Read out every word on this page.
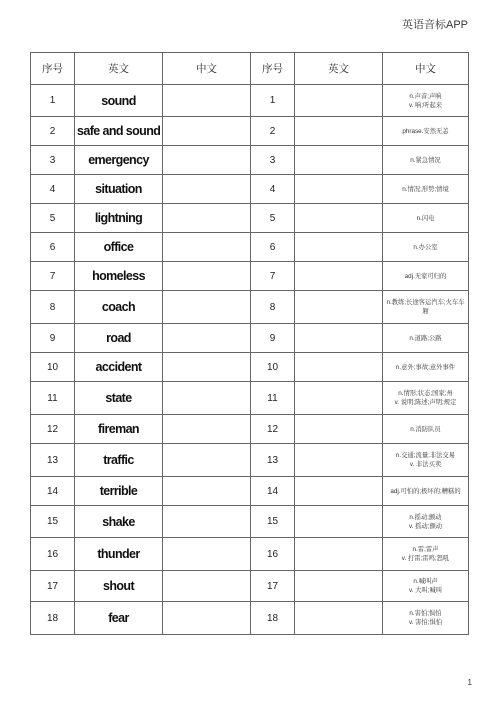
英语音标APP
序号	英文	中文	序号	英文	中文
1	sound		1		n.声音;声响
v. 响;听起来

2	safe and sound		2		phrase.安然无恙

3	emergency		3		n.紧急情况

4	situation		4		n.情况;形势;情境

5	lightning		5		n.闪电

6	office		6		n.办公室

7	homeless		7		adj.无家可归的

8	coach		8		n.教练;长途客运汽车;火车车
厢

9	road		9		n.道路;公路

10	accident		10		n.意外;事故;意外事件

11	state		11		n.情形;状态;国家;州
v. 说明;陈述;声明;规定

12	fireman		12		n.消防队员

13	traffic		13		n.交通;流量;非法交易
v. 非法买卖

14	terrible		14		adj.可怕的;极坏的;糟糕的

15	shake		15		n.摇动;颤动
v. 摇动;颤动

16	thunder		16		n.雷;雷声
v. 打雷;雷鸣;怒吼

17	shout		17		n.喊叫声
v. 大叫;喊叫

18	fear		18		n.害怕;惧怕
v. 害怕;惧怕
1
